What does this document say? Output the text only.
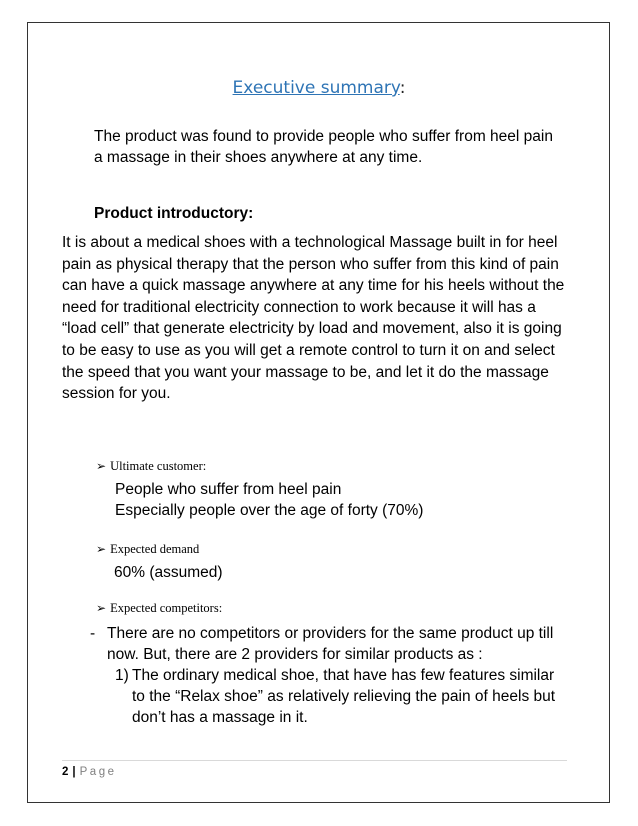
Executive summary:
The product was found to provide people who suffer from heel pain a massage in their shoes anywhere at any time.
Product introductory:
It is about a medical shoes with a technological Massage built in for heel pain as physical therapy that the person who suffer from this kind of pain can have a quick massage anywhere at any time for his heels without the need for traditional electricity connection to work because it will has a “load cell” that generate electricity by load and movement, also it is going to be easy to use as you will get a remote control to turn it on and select the speed that you want your massage to be, and let it do the massage session for you.
➢ Ultimate customer:
People who suffer from heel pain
Especially people over the age of forty (70%)
➢ Expected demand
60% (assumed)
➢ Expected competitors:
- There are no competitors or providers for the same product up till now. But, there are 2 providers for similar products as :
1) The ordinary medical shoe, that have has few features similar to the “Relax shoe” as relatively relieving the pain of heels but don’t has a massage in it.
2 | Page
